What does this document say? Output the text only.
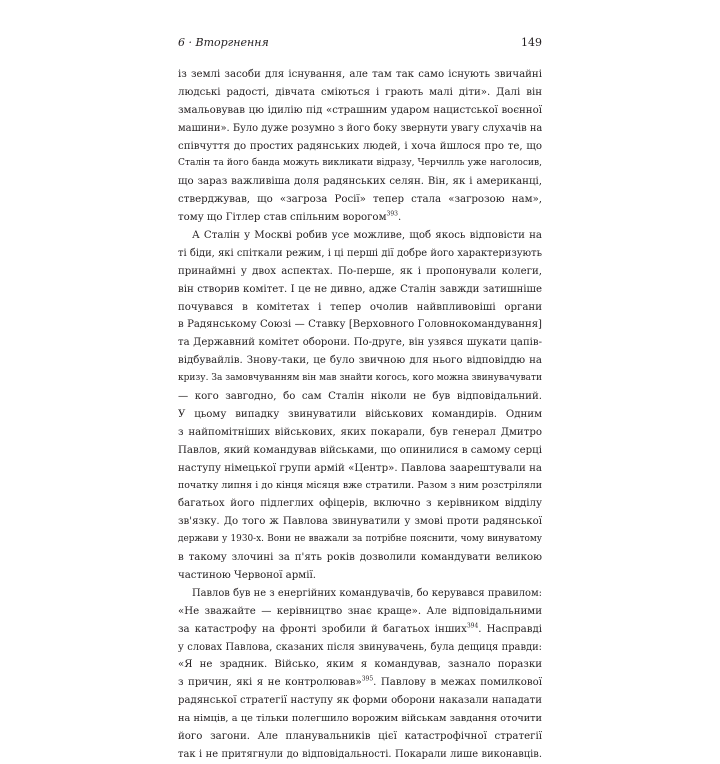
6 · Вторгнення	149
із землі засоби для існування, але там так само існують звичайні
людські радості, дівчата сміються і грають малі діти». Далі він
змальовував цю ідилію під «страшним ударом нацистської воєнної
машини». Було дуже розумно з його боку звернути увагу слухачів на
співчуття до простих радянських людей, і хоча йшлося про те, що
Сталін та його банда можуть викликати відразу, Черчилль уже наголосив,
що зараз важливіша доля радянських селян. Він, як і американці,
стверджував, що «загроза Росії» тепер стала «загрозою нам»,
тому що Гітлер став спільним ворогом$^{393}$.
А Сталін у Москві робив усе можливе, щоб якось відповісти на
ті біди, які спіткали режим, і ці перші дії добре його характеризують
принаймні у двох аспектах. По-перше, як і пропонували колеги,
він створив комітет. І це не дивно, адже Сталін завжди затишніше
почувався в комітетах і тепер очолив найвпливовіші органи
в Радянському Союзі — Ставку [Верховного Головнокомандування]
та Державний комітет оборони. По-друге, він узявся шукати цапів-
відбувайлів. Знову-таки, це було звичною для нього відповіддю на
кризу. За замовчуванням він мав знайти когось, кого можна звинувачувати
— кого завгодно, бо сам Сталін ніколи не був відповідальний.
У цьому випадку звинуватили військових командирів. Одним
з найпомітніших військових, яких покарали, був генерал Дмитро
Павлов, який командував військами, що опинилися в самому серці
наступу німецької групи армій «Центр». Павлова заарештували на
початку липня і до кінця місяця вже стратили. Разом з ним розстріляли
багатьох його підлеглих офіцерів, включно з керівником відділу
зв'язку. До того ж Павлова звинуватили у змові проти радянської
держави у 1930-х. Вони не вважали за потрібне пояснити, чому винуватому
в такому злочині за п'ять років дозволили командувати великою
частиною Червоної армії.
Павлов був не з енергійних командувачів, бо керувався правилом:
«Не зважайте — керівництво знає краще». Але відповідальними
за катастрофу на фронті зробили й багатьох інших$^{394}$. Насправді
у словах Павлова, сказаних після звинувачень, була дещиця правди:
«Я не зрадник. Військо, яким я командував, зазнало поразки
з причин, які я не контролював»$^{395}$. Павлову в межах помилкової
радянської стратегії наступу як форми оборони наказали нападати
на німців, а це тільки полегшило ворожим військам завдання оточити
його загони. Але планувальників цієї катастрофічної стратегії
так і не притягнули до відповідальності. Покарали лише виконавців.
